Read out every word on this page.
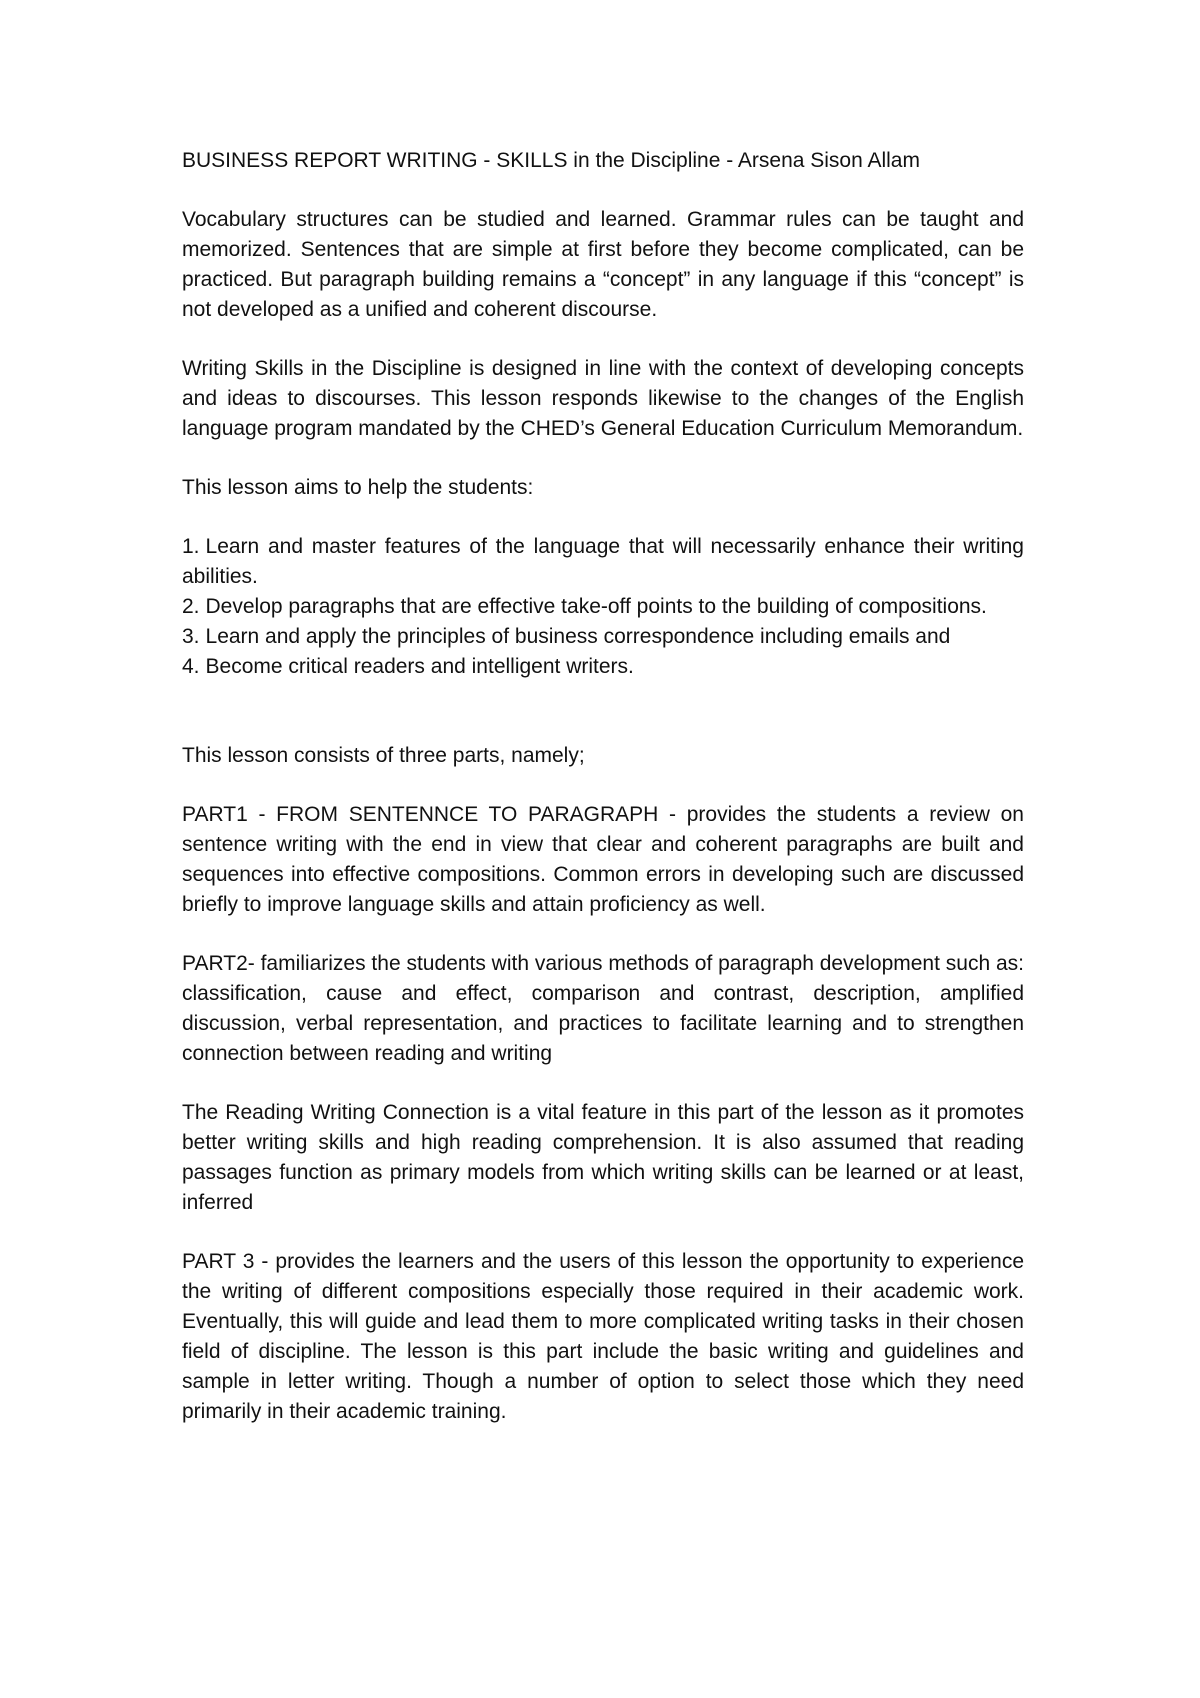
BUSINESS REPORT WRITING - SKILLS in the Discipline - Arsena Sison Allam

Vocabulary structures can be studied and learned. Grammar rules can be taught and memorized. Sentences that are simple at first before they become complicated, can be practiced. But paragraph building remains a “concept” in any language if this “concept” is not developed as a unified and coherent discourse.

Writing Skills in the Discipline is designed in line with the context of developing concepts and ideas to discourses. This lesson responds likewise to the changes of the English language program mandated by the CHED’s General Education Curriculum Memorandum.

This lesson aims to help the students:

1. Learn and master features of the language that will necessarily enhance their writing abilities.
2. Develop paragraphs that are effective take-off points to the building of compositions.
3. Learn and apply the principles of business correspondence including emails and
4. Become critical readers and intelligent writers.

This lesson consists of three parts, namely;

PART1 - FROM SENTENNCE TO PARAGRAPH - provides the students a review on sentence writing with the end in view that clear and coherent paragraphs are built and sequences into effective compositions. Common errors in developing such are discussed briefly to improve language skills and attain proficiency as well.

PART2- familiarizes the students with various methods of paragraph development such as: classification, cause and effect, comparison and contrast, description, amplified discussion, verbal representation, and practices to facilitate learning and to strengthen connection between reading and writing

The Reading Writing Connection is a vital feature in this part of the lesson as it promotes better writing skills and high reading comprehension. It is also assumed that reading passages function as primary models from which writing skills can be learned or at least, inferred

PART 3 - provides the learners and the users of this lesson the opportunity to experience the writing of different compositions especially those required in their academic work. Eventually, this will guide and lead them to more complicated writing tasks in their chosen field of discipline. The lesson is this part include the basic writing and guidelines and sample in letter writing. Though a number of option to select those which they need primarily in their academic training.
